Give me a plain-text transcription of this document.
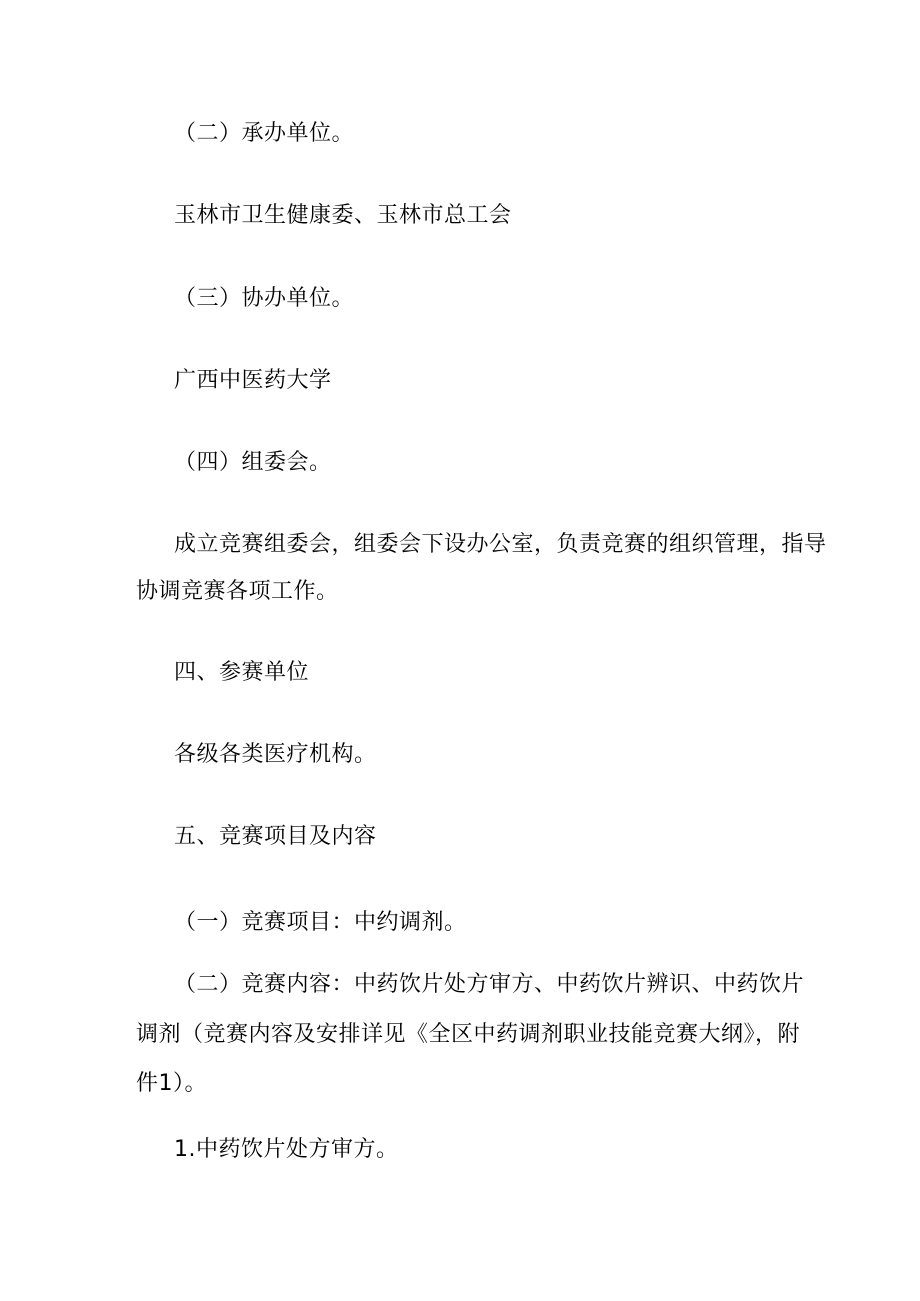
（二）承办单位。
玉林市卫生健康委、玉林市总工会
（三）协办单位。
广西中医药大学
（四）组委会。
成立竞赛组委会，组委会下设办公室，负责竞赛的组织管理，指导
协调竞赛各项工作。
四、参赛单位
各级各类医疗机构。
五、竞赛项目及内容
（一）竞赛项目：中约调剂。
（二）竞赛内容：中药饮片处方审方、中药饮片辨识、中药饮片
调剂（竞赛内容及安排详见《全区中药调剂职业技能竞赛大纲》，附
件1）。
1.中药饮片处方审方。
